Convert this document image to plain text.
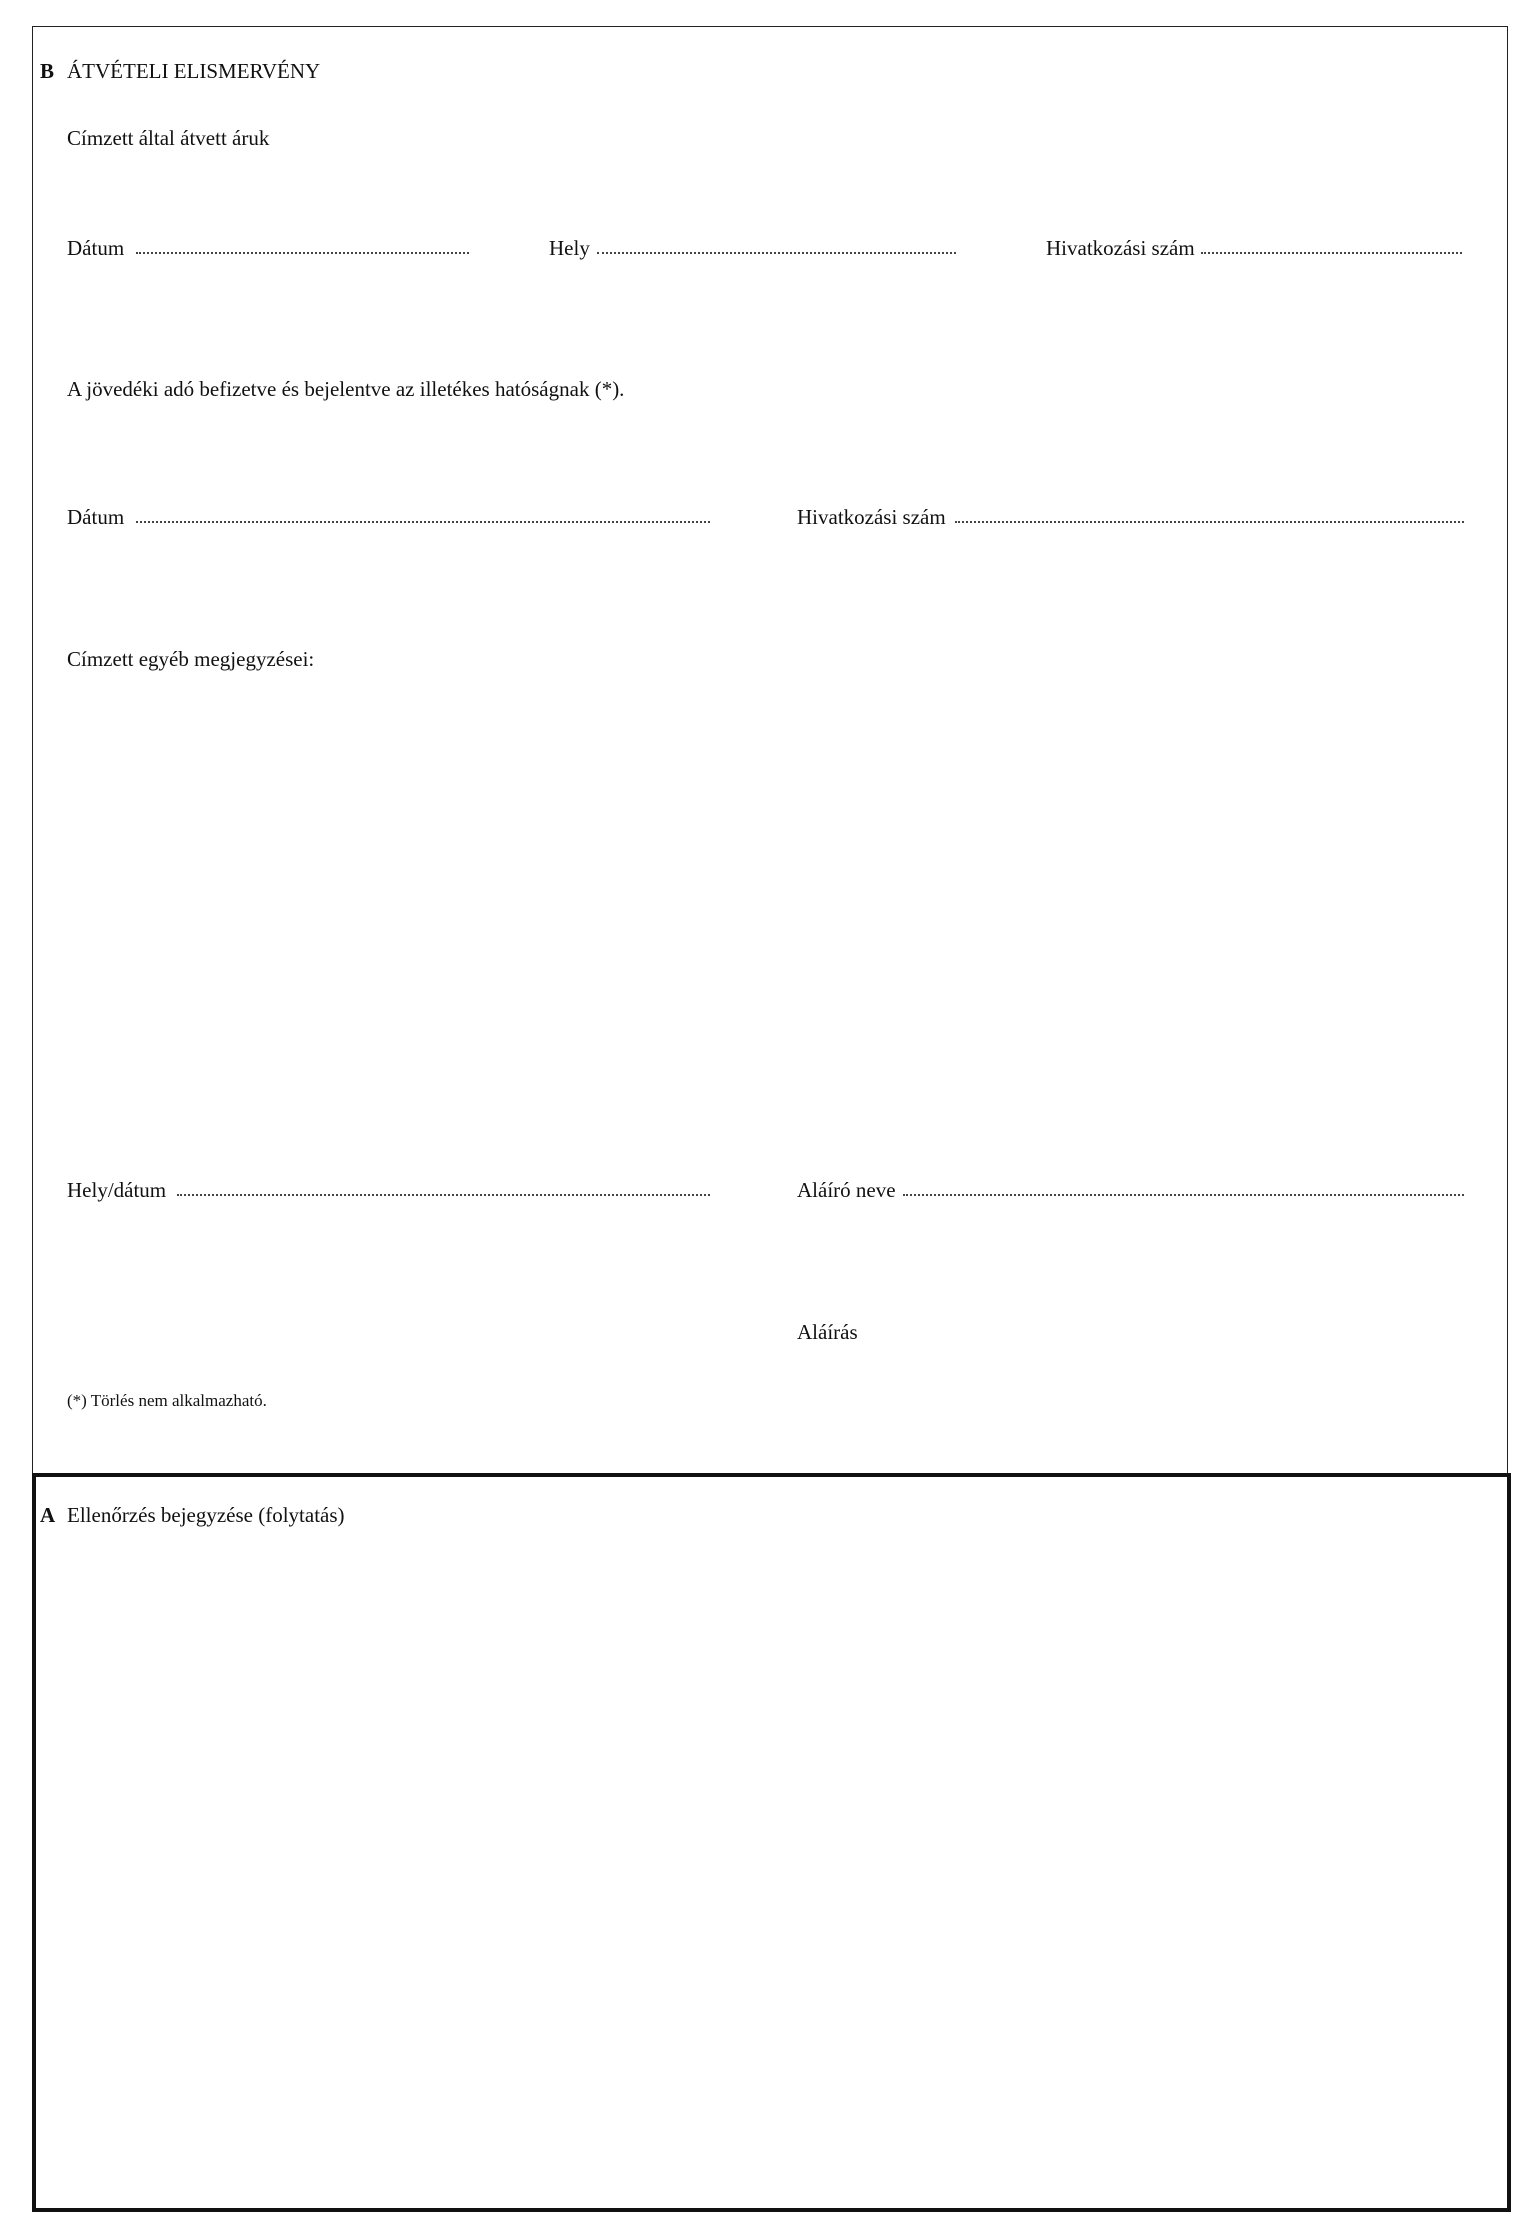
B ÁTVÉTELI ELISMERVÉNY
Címzett által átvett áruk
Dátum	Hely	Hivatkozási szám
A jövedéki adó befizetve és bejelentve az illetékes hatóságnak (*).
Dátum	Hivatkozási szám
Címzett egyéb megjegyzései:
Hely/dátum	Aláíró neve
Aláírás
(*) Törlés nem alkalmazható.
A Ellenőrzés bejegyzése (folytatás)
